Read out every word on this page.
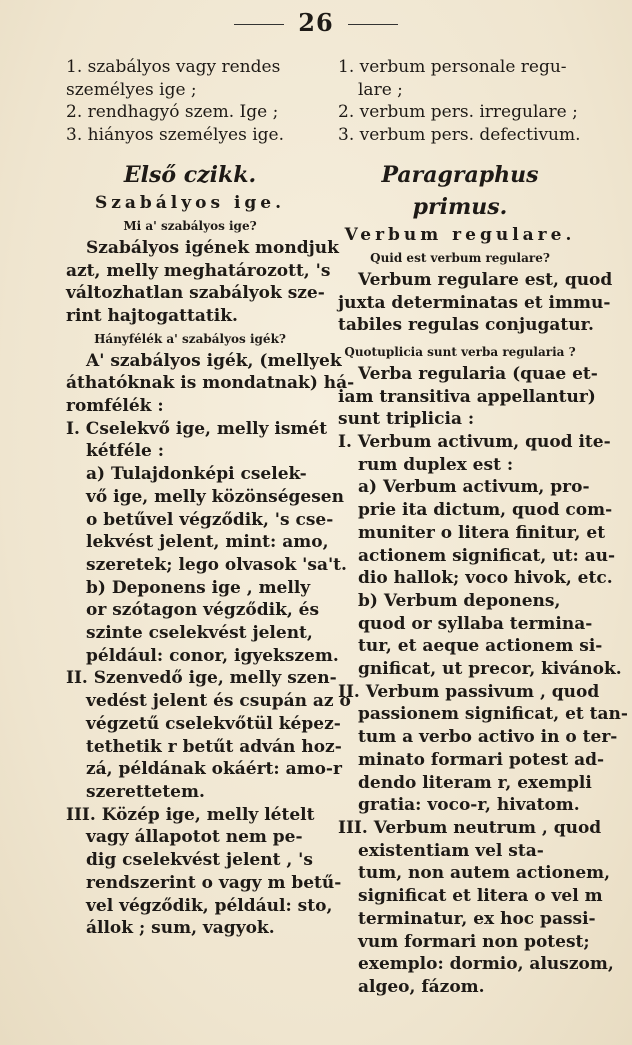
26
1. szabályos vagy rendes
személyes ige ;
2. rendhagyó szem. Ige ;
3. hiányos személyes ige.
Első czikk.
Szabályos ige.
Mi a' szabályos ige?
Szabályos igének mondjuk
azt, melly meghatározott, 's
változhatlan szabályok sze-
rint hajtogattatik.
Hányfélék a' szabályos igék?
A' szabályos igék, (mellyek
áthatóknak is mondatnak) há-
romfélék :
I. Cselekvő ige, melly ismét
kétféle :
a) Tulajdonképi cselek-
vő ige, melly közönségesen
o betűvel végződik, 's cse-
lekvést jelent, mint: amo,
szeretek; lego olvasok 'sa't.
b) Deponens ige , melly
or szótagon végződik, és
szinte cselekvést jelent,
például: conor, igyekszem.
II. Szenvedő ige, melly szen-
vedést jelent és csupán az o
végzetű cselekvőtül képez-
tethetik r betűt adván hoz-
zá, példának okáért: amo-r
szerettetem.
III. Közép ige, melly lételt
vagy állapotot nem pe-
dig cselekvést jelent , 's
rendszerint o vagy m betű-
vel végződik, például: sto,
állok ; sum, vagyok.
1. verbum personale regu-
lare ;
2. verbum pers. irregulare ;
3. verbum pers. defectivum.
Paragraphus primus.
Verbum regulare.
Quid est verbum regulare?
Verbum regulare est, quod
juxta determinatas et immu-
tabiles regulas conjugatur.
Quotuplicia sunt verba regularia ?
Verba regularia (quae et-
iam transitiva appellantur)
sunt triplicia :
I. Verbum activum, quod ite-
rum duplex est :
a) Verbum activum, pro-
prie ita dictum, quod com-
muniter o litera finitur, et
actionem significat, ut: au-
dio hallok; voco hivok, etc.
b) Verbum deponens,
quod or syllaba termina-
tur, et aeque actionem si-
gnificat, ut precor, kivánok.
II. Verbum passivum , quod
passionem significat, et tan-
tum a verbo activo in o ter-
minato formari potest ad-
dendo literam r, exempli
gratia: voco-r, hivatom.
III. Verbum neutrum , quod
existentiam vel sta-
tum, non autem actionem,
significat et litera o vel m
terminatur, ex hoc passi-
vum formari non potest;
exemplo: dormio, aluszom,
algeo, fázom.
